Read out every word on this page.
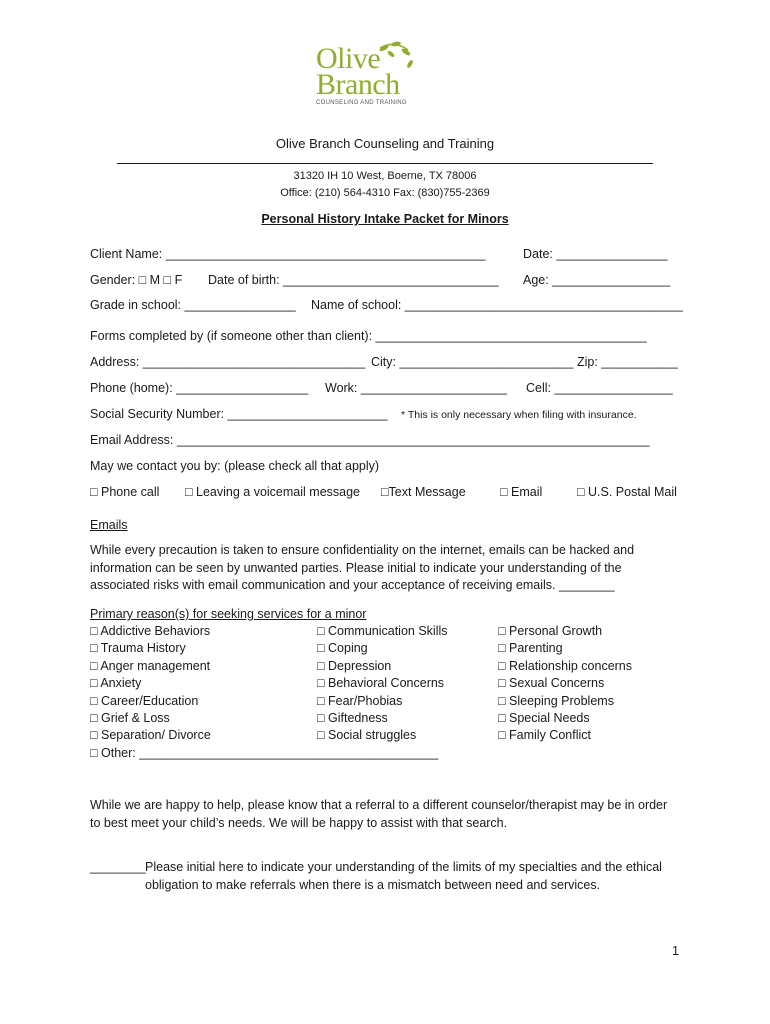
Olive
Branch
COUNSELING AND TRAINING
Olive Branch Counseling and Training
31320 IH 10 West, Boerne, TX 78006
Office: (210) 564-4310 Fax: (830)755-2369
Personal History Intake Packet for Minors
Client Name: ______________________________________________	Date: ________________
Gender: □ M □ F Date of birth: _______________________________ Age: _________________
Grade in school: ________________ Name of school: ________________________________________
Forms completed by (if someone other than client): _______________________________________
Address: ________________________________ City: _________________________ Zip: ___________
Phone (home): ___________________ Work: _____________________ Cell: _________________
Social Security Number: _______________________ * This is only necessary when filing with insurance.
Email Address: ____________________________________________________________________
May we contact you by: (please check all that apply)
□ Phone call □ Leaving a voicemail message □Text Message	□ Email	□ U.S. Postal Mail
Emails
While every precaution is taken to ensure confidentiality on the internet, emails can be hacked and information can be seen by unwanted parties. Please initial to indicate your understanding of the associated risks with email communication and your acceptance of receiving emails. ________
Primary reason(s) for seeking services for a minor
□ Addictive Behaviors
□ Trauma History
□ Anger management
□ Anxiety
□ Career/Education
□ Grief & Loss
□ Separation/ Divorce
□ Other: ___________________________________________
□ Communication Skills
□ Coping
□ Depression
□ Behavioral Concerns
□ Fear/Phobias
□ Giftedness
□ Social struggles
□ Personal Growth
□ Parenting
□ Relationship concerns
□ Sexual Concerns
□ Sleeping Problems
□ Special Needs
□ Family Conflict
While we are happy to help, please know that a referral to a different counselor/therapist may be in order to best meet your child’s needs. We will be happy to assist with that search.
________ Please initial here to indicate your understanding of the limits of my specialties and the ethical
obligation to make referrals when there is a mismatch between need and services.
1
